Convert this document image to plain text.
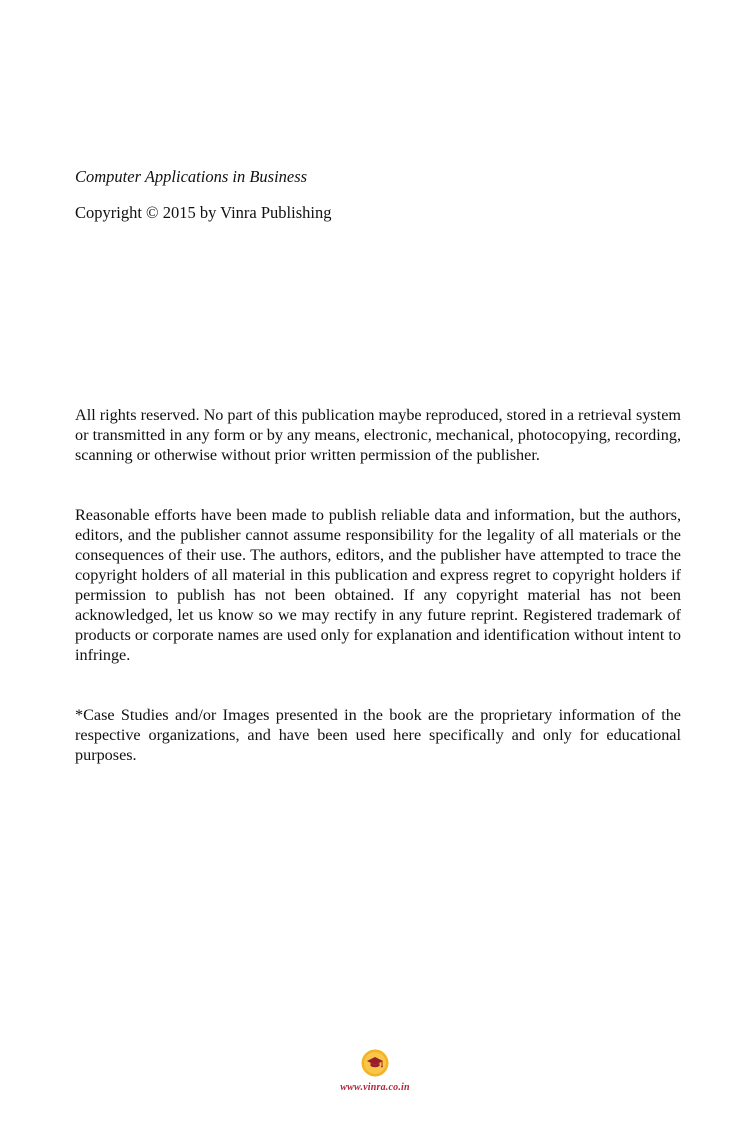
Computer Applications in Business
Copyright © 2015 by Vinra Publishing

All rights reserved. No part of this publication maybe reproduced, stored in a retrieval system or transmitted in any form or by any means, electronic, mechanical, photocopying, recording, scanning or otherwise without prior written permission of the publisher.

Reasonable efforts have been made to publish reliable data and information, but the authors, editors, and the publisher cannot assume responsibility for the legality of all materials or the consequences of their use. The authors, editors, and the publisher have attempted to trace the copyright holders of all material in this publication and express regret to copyright holders if permission to publish has not been obtained. If any copyright material has not been acknowledged, let us know so we may rectify in any future reprint. Registered trademark of products or corporate names are used only for explanation and identification without intent to infringe.

*Case Studies and/or Images presented in the book are the proprietary information of the respective organizations, and have been used here specifically and only for educational purposes.

www.vinra.co.in
